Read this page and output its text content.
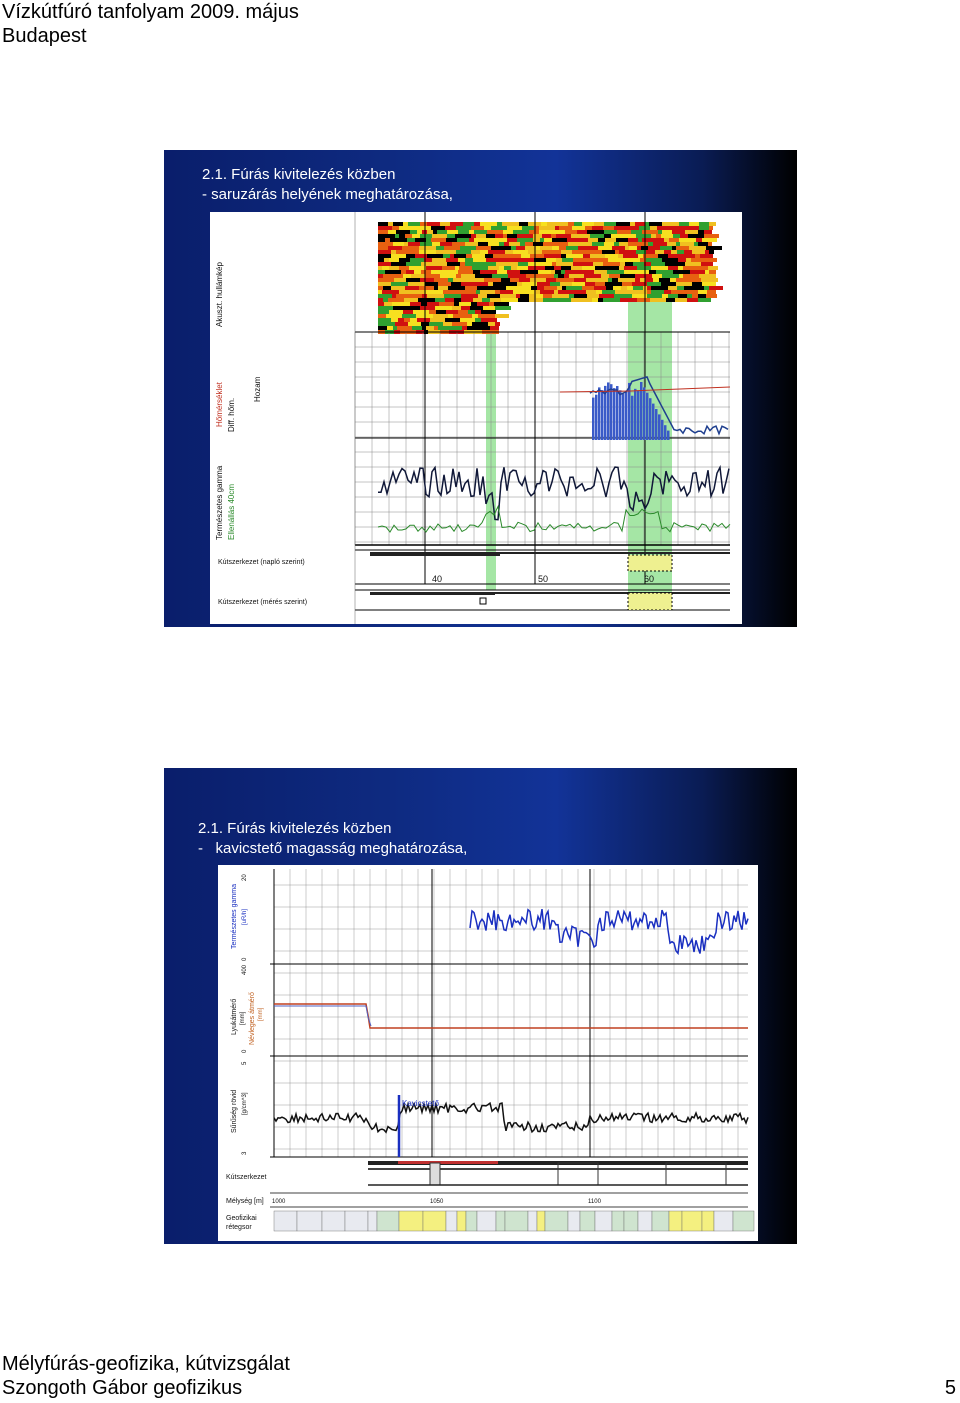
Vízkútfúró tanfolyam 2009. május
Budapest
2.1. Fúrás kivitelezés közben
- saruzárás helyének meghatározása,
Kútszerkezet (napló szerint)
Kútszerkezet (mérés szerint)
Akuszt. hullámkép
Hőmérséklet Diff. hőm.
Hozam
Természetes gamma Ellenállás 40cm
40	50	60
2.1. Fúrás kivitelezés közben
-   kavicstető magasság meghatározása,
Kavicstető
Természetes gamma [uR/h]
0
20
Lyukátmérő [mm] Névleges átmérő [mm]
0
400
Sűrűség rövid [g/cm^3]
3
5
Kútszerkezet
Mélység [m] 1000	1050	1100
Geofizikai
rétegsor
Mélyfúrás-geofizika, kútvizsgálat
Szongoth Gábor geofizikus	5
